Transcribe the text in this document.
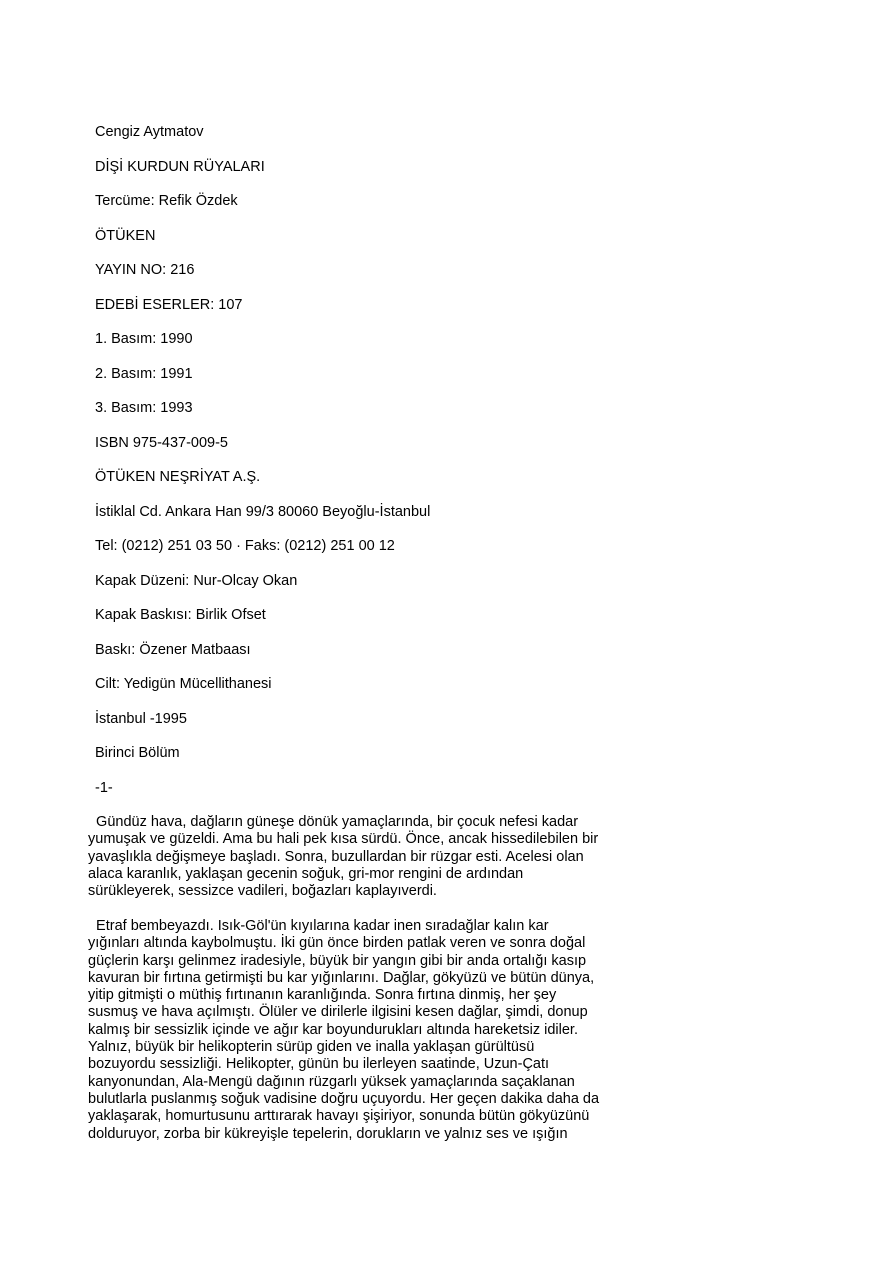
Cengiz Aytmatov
DİŞİ KURDUN RÜYALARI
Tercüme: Refik Özdek
ÖTÜKEN
YAYIN NO: 216
EDEBİ ESERLER: 107
1. Basım: 1990
2. Basım: 1991
3. Basım: 1993
ISBN 975-437-009-5
ÖTÜKEN NEŞRİYAT A.Ş.
İstiklal Cd. Ankara Han 99/3 80060 Beyoğlu-İstanbul
Tel: (0212) 251 03 50 · Faks: (0212) 251 00 12
Kapak Düzeni: Nur-Olcay Okan
Kapak Baskısı: Birlik Ofset
Baskı: Özener Matbaası
Cilt: Yedigün Mücellithanesi
İstanbul -1995
Birinci Bölüm
-1-
Gündüz hava, dağların güneşe dönük yamaçlarında, bir çocuk nefesi kadar
yumuşak ve güzeldi. Ama bu hali pek kısa sürdü. Önce, ancak hissedilebilen bir
yavaşlıkla değişmeye başladı. Sonra, buzullardan bir rüzgar esti. Acelesi olan
alaca karanlık, yaklaşan gecenin soğuk, gri-mor rengini de ardından
sürükleyerek, sessizce vadileri, boğazları kaplayıverdi.
Etraf bembeyazdı. Isık-Göl'ün kıyılarına kadar inen sıradağlar kalın kar
yığınları altında kaybolmuştu. İki gün önce birden patlak veren ve sonra doğal
güçlerin karşı gelinmez iradesiyle, büyük bir yangın gibi bir anda ortalığı kasıp
kavuran bir fırtına getirmişti bu kar yığınlarını. Dağlar, gökyüzü ve bütün dünya,
yitip gitmişti o müthiş fırtınanın karanlığında. Sonra fırtına dinmiş, her şey
susmuş ve hava açılmıştı. Ölüler ve dirilerle ilgisini kesen dağlar, şimdi, donup
kalmış bir sessizlik içinde ve ağır kar boyundurukları altında hareketsiz idiler.
Yalnız, büyük bir helikopterin sürüp giden ve inalla yaklaşan gürültüsü
bozuyordu sessizliği. Helikopter, günün bu ilerleyen saatinde, Uzun-Çatı
kanyonundan, Ala-Mengü dağının rüzgarlı yüksek yamaçlarında saçaklanan
bulutlarla puslanmış soğuk vadisine doğru uçuyordu. Her geçen dakika daha da
yaklaşarak, homurtusunu arttırarak havayı şişiriyor, sonunda bütün gökyüzünü
dolduruyor, zorba bir kükreyişle tepelerin, dorukların ve yalnız ses ve ışığın
